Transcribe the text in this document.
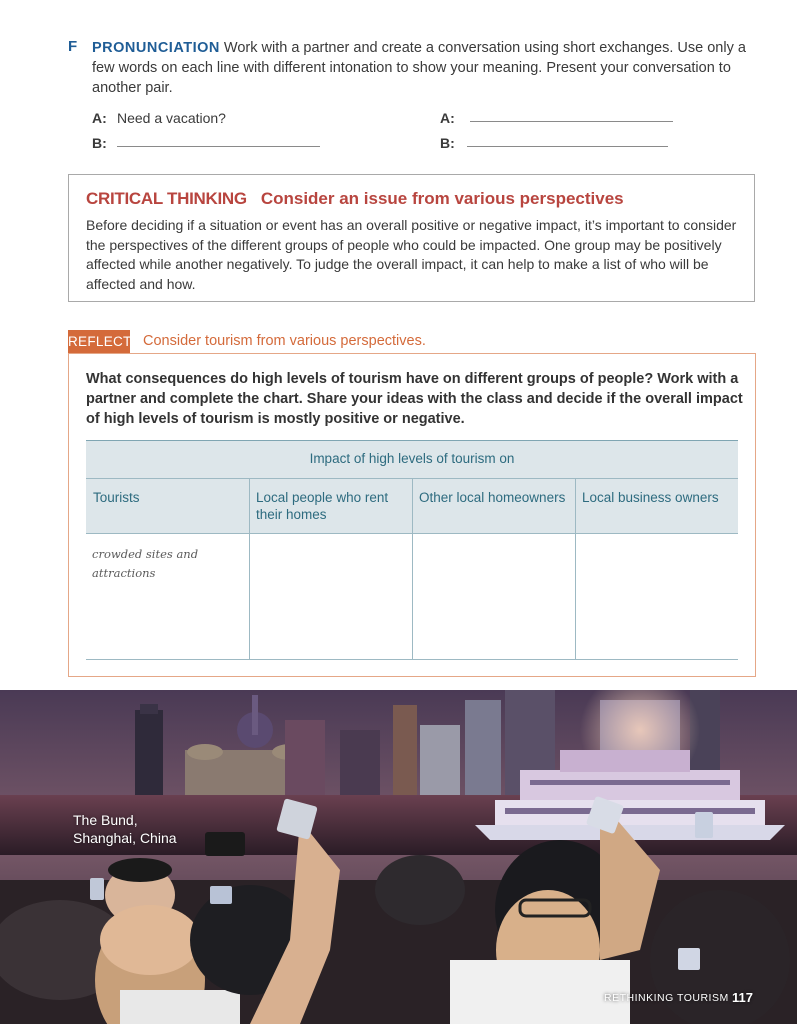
F PRONUNCIATION Work with a partner and create a conversation using short exchanges. Use only a few words on each line with different intonation to show your meaning. Present your conversation to another pair.
A: Need a vacation?
B:
A:
B:
CRITICAL THINKING Consider an issue from various perspectives
Before deciding if a situation or event has an overall positive or negative impact, it’s important to consider the perspectives of the different groups of people who could be impacted. One group may be positively affected while another negatively. To judge the overall impact, it can help to make a list of who will be affected and how.
REFLECT Consider tourism from various perspectives.
What consequences do high levels of tourism have on different groups of people? Work with a partner and complete the chart. Share your ideas with the class and decide if the overall impact of high levels of tourism is mostly positive or negative.
Impact of high levels of tourism on
Tourists	Local people who rent their homes
Other local homeowners	Local business owners
crowded sites and attractions
The Bund,
Shanghai, China
RETHINKING TOURISM 117
